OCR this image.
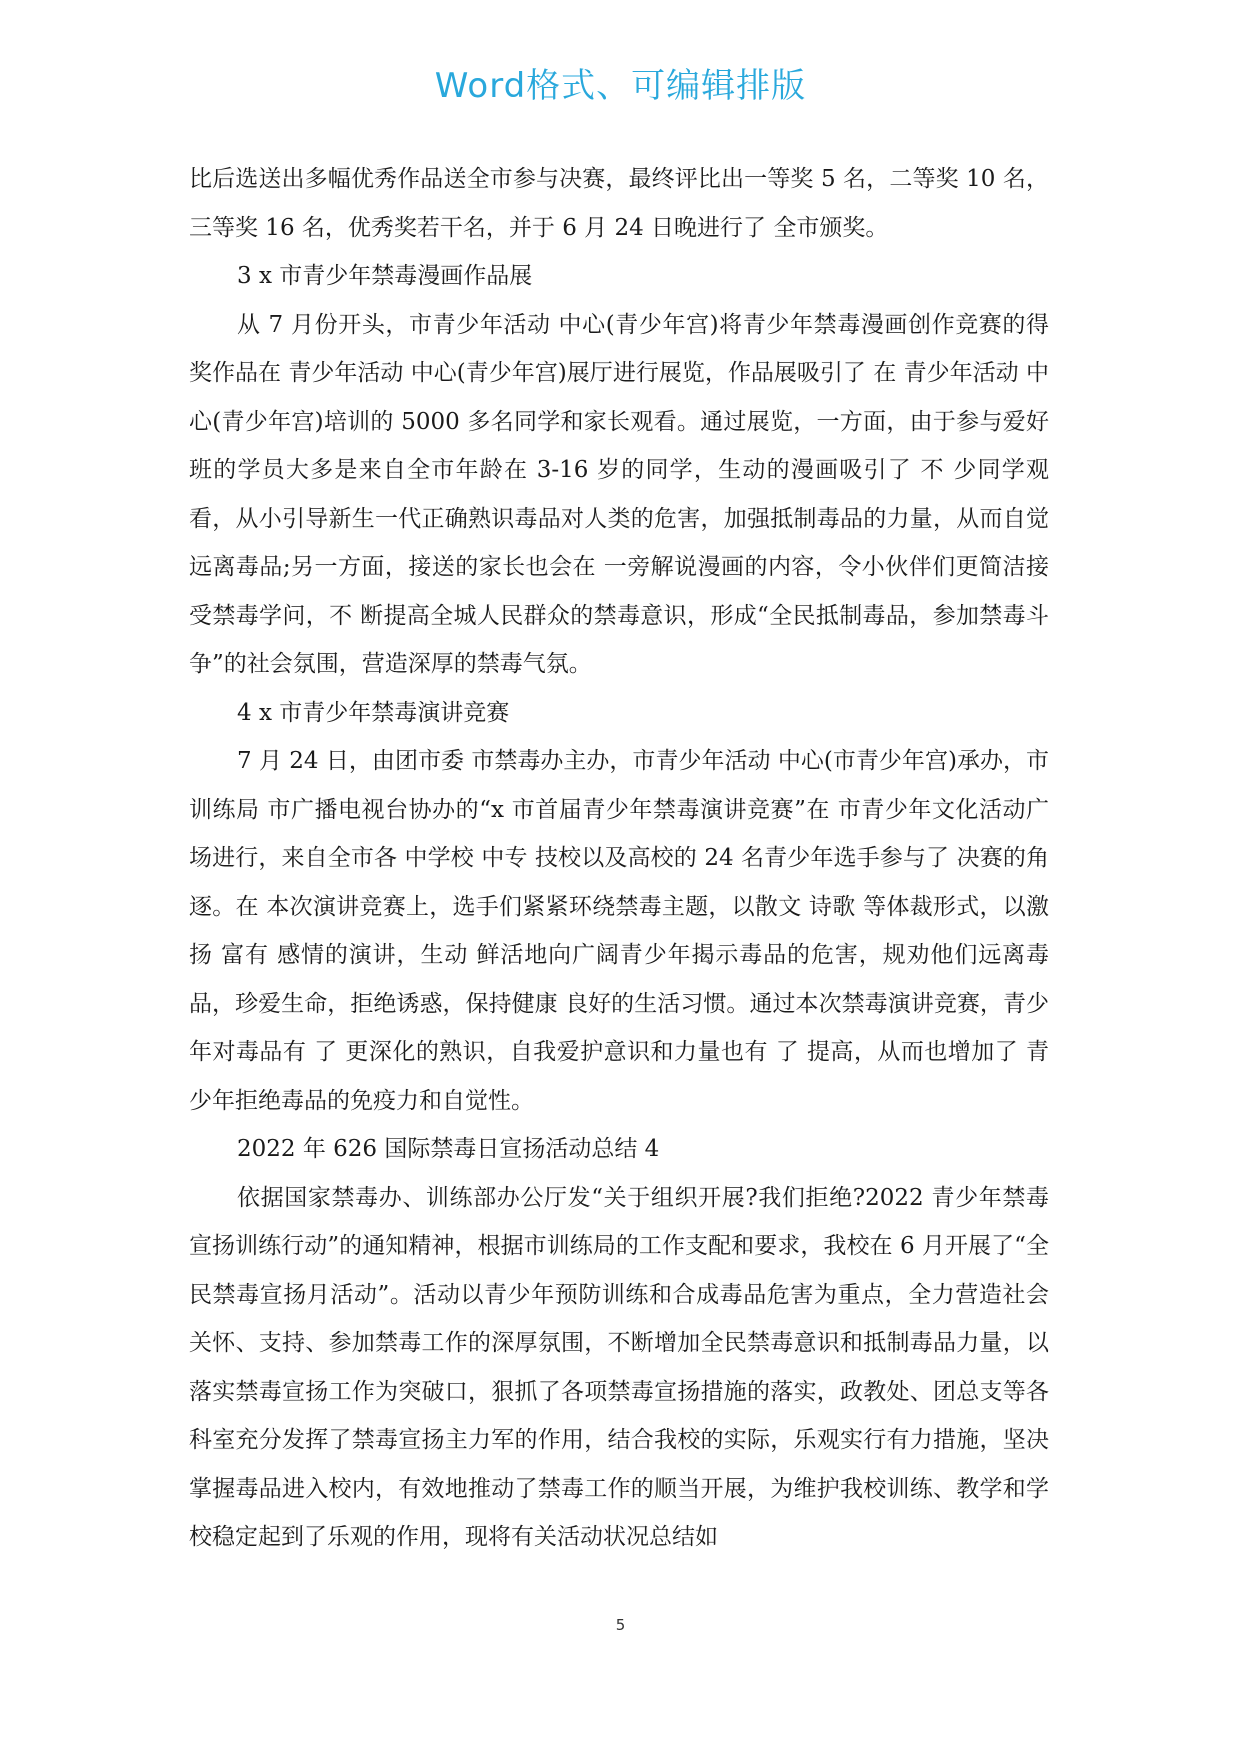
Word格式、可编辑排版

比后选送出多幅优秀作品送全市参与决赛，最终评比出一等奖 5 名，二等奖 10 名，三等奖 16 名，优秀奖若干名，并于 6 月 24 日晚进行了 全市颁奖。

3 x 市青少年禁毒漫画作品展

从 7 月份开头，市青少年活动 中心(青少年宫)将青少年禁毒漫画创作竞赛的得奖作品在 青少年活动 中心(青少年宫)展厅进行展览，作品展吸引了 在 青少年活动 中心(青少年宫)培训的 5000 多名同学和家长观看。通过展览，一方面，由于参与爱好班的学员大多是来自全市年龄在 3-16 岁的同学，生动的漫画吸引了 不 少同学观看，从小引导新生一代正确熟识毒品对人类的危害，加强抵制毒品的力量，从而自觉远离毒品;另一方面，接送的家长也会在 一旁解说漫画的内容，令小伙伴们更简洁接受禁毒学问，不 断提高全城人民群众的禁毒意识，形成“全民抵制毒品，参加禁毒斗争”的社会氛围，营造深厚的禁毒气氛。

4 x 市青少年禁毒演讲竞赛

7 月 24 日，由团市委 市禁毒办主办，市青少年活动 中心(市青少年宫)承办，市训练局 市广播电视台协办的“x 市首届青少年禁毒演讲竞赛”在 市青少年文化活动广场进行，来自全市各 中学校 中专 技校以及高校的 24 名青少年选手参与了 决赛的角逐。在 本次演讲竞赛上，选手们紧紧环绕禁毒主题，以散文 诗歌 等体裁形式，以激扬 富有 感情的演讲，生动 鲜活地向广阔青少年揭示毒品的危害，规劝他们远离毒品，珍爱生命，拒绝诱惑，保持健康 良好的生活习惯。通过本次禁毒演讲竞赛，青少年对毒品有 了 更深化的熟识，自我爱护意识和力量也有 了 提高，从而也增加了 青少年拒绝毒品的免疫力和自觉性。

2022 年 626 国际禁毒日宣扬活动总结 4

依据国家禁毒办、训练部办公厅发“关于组织开展?我们拒绝?2022 青少年禁毒宣扬训练行动”的通知精神，根据市训练局的工作支配和要求，我校在 6 月开展了“全民禁毒宣扬月活动”。活动以青少年预防训练和合成毒品危害为重点，全力营造社会关怀、支持、参加禁毒工作的深厚氛围，不断增加全民禁毒意识和抵制毒品力量，以落实禁毒宣扬工作为突破口，狠抓了各项禁毒宣扬措施的落实，政教处、团总支等各科室充分发挥了禁毒宣扬主力军的作用，结合我校的实际，乐观实行有力措施，坚决掌握毒品进入校内，有效地推动了禁毒工作的顺当开展，为维护我校训练、教学和学校稳定起到了乐观的作用，现将有关活动状况总结如

5
